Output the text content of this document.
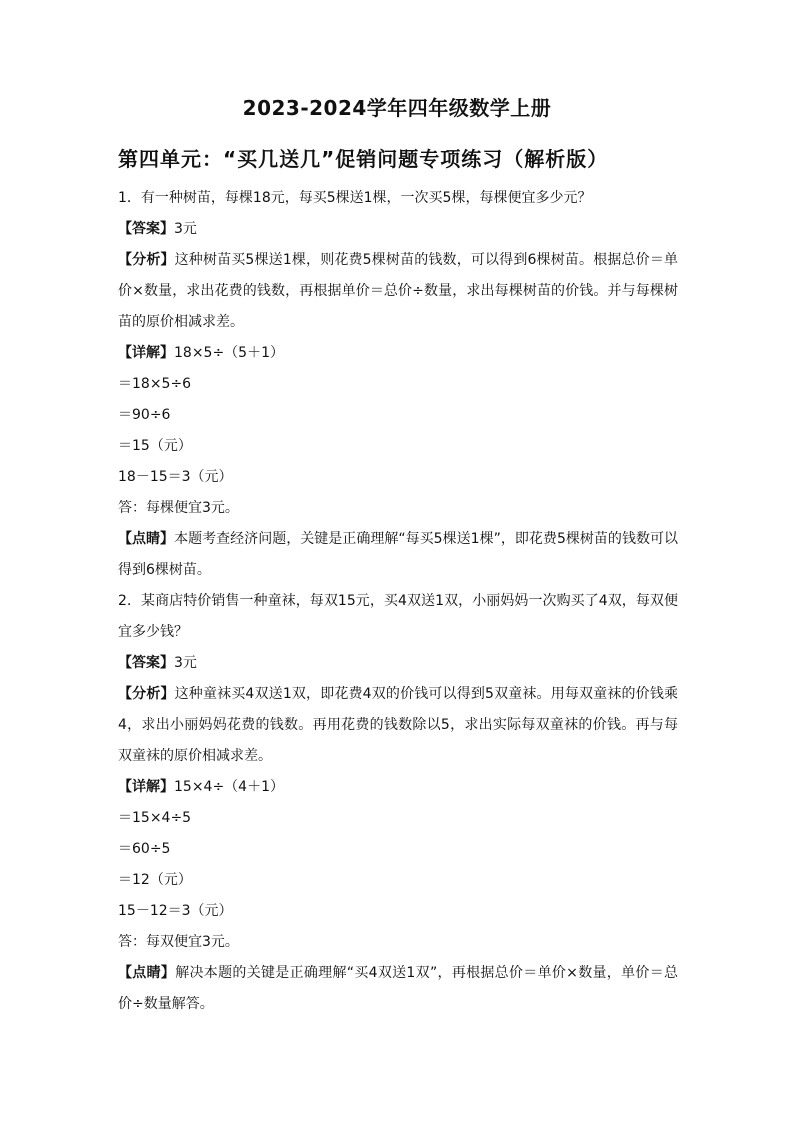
2023-2024学年四年级数学上册
第四单元：“买几送几”促销问题专项练习（解析版）
1．有一种树苗，每棵18元，每买5棵送1棵，一次买5棵，每棵便宜多少元？
【答案】3元
【分析】这种树苗买5棵送1棵，则花费5棵树苗的钱数，可以得到6棵树苗。根据总价＝单价×数量，求出花费的钱数，再根据单价＝总价÷数量，求出每棵树苗的价钱。并与每棵树苗的原价相减求差。
【详解】18×5÷（5＋1）
＝18×5÷6
＝90÷6
＝15（元）
18－15＝3（元）
答：每棵便宜3元。
【点睛】本题考查经济问题，关键是正确理解“每买5棵送1棵”，即花费5棵树苗的钱数可以得到6棵树苗。
2．某商店特价销售一种童袜，每双15元，买4双送1双，小丽妈妈一次购买了4双，每双便宜多少钱？
【答案】3元
【分析】这种童袜买4双送1双，即花费4双的价钱可以得到5双童袜。用每双童袜的价钱乘4，求出小丽妈妈花费的钱数。再用花费的钱数除以5，求出实际每双童袜的价钱。再与每双童袜的原价相减求差。
【详解】15×4÷（4＋1）
＝15×4÷5
＝60÷5
＝12（元）
15－12＝3（元）
答：每双便宜3元。
【点睛】解决本题的关键是正确理解“买4双送1双”，再根据总价＝单价×数量，单价＝总价÷数量解答。
